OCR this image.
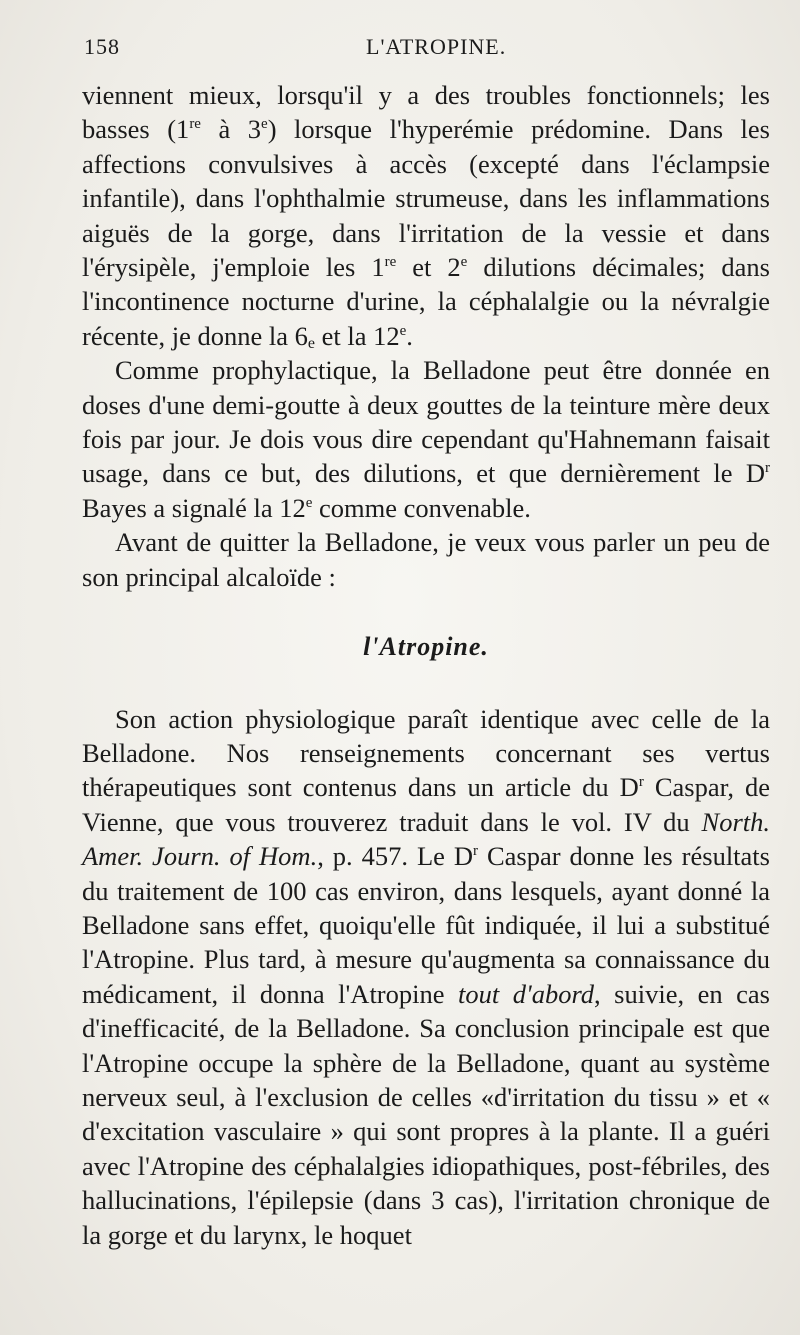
158	L'ATROPINE.

viennent mieux, lorsqu'il y a des troubles fonctionnels; les basses (1re à 3e) lorsque l'hyperémie prédomine. Dans les affections convulsives à accès (excepté dans l'éclampsie infantile), dans l'ophthalmie strumeuse, dans les inflammations aiguës de la gorge, dans l'irritation de la vessie et dans l'érysipèle, j'emploie les 1re et 2e dilutions décimales; dans l'incontinence nocturne d'urine, la céphalalgie ou la névralgie récente, je donne la $6_e$ et la 12e.

Comme prophylactique, la Belladone peut être donnée en doses d'une demi-goutte à deux gouttes de la teinture mère deux fois par jour. Je dois vous dire cependant qu'Hahnemann faisait usage, dans ce but, des dilutions, et que dernièrement le $D^r$ Bayes a signalé la 12e comme convenable.

Avant de quitter la Belladone, je veux vous parler un peu de son principal alcaloïde :

l'Atropine.

Son action physiologique paraît identique avec celle de la Belladone. Nos renseignements concernant ses vertus thérapeutiques sont contenus dans un article du $D^r$ Caspar, de Vienne, que vous trouverez traduit dans le vol. IV du North. Amer. Journ. of Hom., p. 457. Le $D^r$ Caspar donne les résultats du traitement de 100 cas environ, dans lesquels, ayant donné la Belladone sans effet, quoiqu'elle fût indiquée, il lui a substitué l'Atropine. Plus tard, à mesure qu'augmenta sa connaissance du médicament, il donna l'Atropine tout d'abord, suivie, en cas d'inefficacité, de la Belladone. Sa conclusion principale est que l'Atropine occupe la sphère de la Belladone, quant au système nerveux seul, à l'exclusion de celles «d'irritation du tissu » et « d'excitation vasculaire » qui sont propres à la plante. Il a guéri avec l'Atropine des céphalalgies idiopathiques, post-fébriles, des hallucinations, l'épilepsie (dans 3 cas), l'irritation chronique de la gorge et du larynx, le hoquet
